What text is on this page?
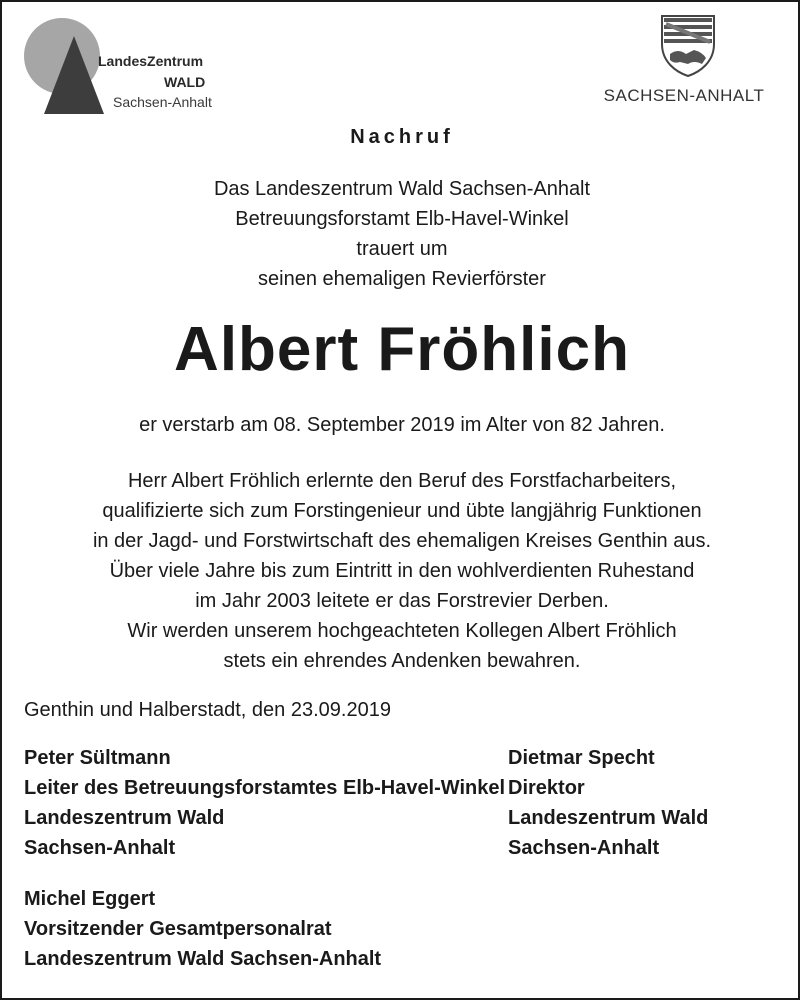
LandesZentrum
WALD
Sachsen-Anhalt	SACHSEN-ANHALT
Nachruf
Das Landeszentrum Wald Sachsen-Anhalt
Betreuungsforstamt Elb-Havel-Winkel
trauert um
seinen ehemaligen Revierförster
Albert Fröhlich
er verstarb am 08. September 2019 im Alter von 82 Jahren.
Herr Albert Fröhlich erlernte den Beruf des Forstfacharbeiters,
qualifizierte sich zum Forstingenieur und übte langjährig Funktionen
in der Jagd- und Forstwirtschaft des ehemaligen Kreises Genthin aus.
Über viele Jahre bis zum Eintritt in den wohlverdienten Ruhestand
im Jahr 2003 leitete er das Forstrevier Derben.
Wir werden unserem hochgeachteten Kollegen Albert Fröhlich
stets ein ehrendes Andenken bewahren.
Genthin und Halberstadt, den 23.09.2019
Peter Sültmann
Leiter des Betreuungsforstamtes Elb-Havel-Winkel
Landeszentrum Wald
Sachsen-Anhalt
Dietmar Specht
Direktor
Landeszentrum Wald
Sachsen-Anhalt
Michel Eggert
Vorsitzender Gesamtpersonalrat
Landeszentrum Wald Sachsen-Anhalt
